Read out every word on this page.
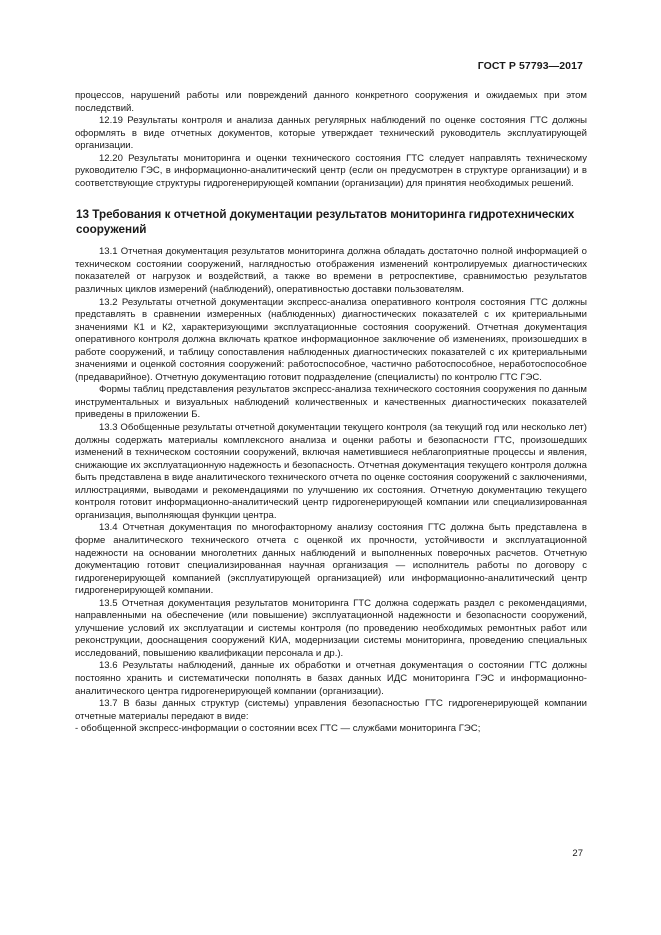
ГОСТ Р 57793—2017

процессов, нарушений работы или повреждений данного конкретного сооружения и ожидаемых при этом последствий.

12.19 Результаты контроля и анализа данных регулярных наблюдений по оценке состояния ГТС должны оформлять в виде отчетных документов, которые утверждает технический руководитель эксплуатирующей организации.

12.20 Результаты мониторинга и оценки технического состояния ГТС следует направлять техническому руководителю ГЭС, в информационно-аналитический центр (если он предусмотрен в структуре организации) и в соответствующие структуры гидрогенерирующей компании (организации) для принятия необходимых решений.

13 Требования к отчетной документации результатов мониторинга гидротехнических сооружений

13.1 Отчетная документация результатов мониторинга должна обладать достаточно полной информацией о техническом состоянии сооружений, наглядностью отображения изменений контролируемых диагностических показателей от нагрузок и воздействий, а также во времени в ретроспективе, сравнимостью результатов различных циклов измерений (наблюдений), оперативностью доставки пользователям.

13.2 Результаты отчетной документации экспресс-анализа оперативного контроля состояния ГТС должны представлять в сравнении измеренных (наблюденных) диагностических показателей с их критериальными значениями К1 и К2, характеризующими эксплуатационные состояния сооружений. Отчетная документация оперативного контроля должна включать краткое информационное заключение об изменениях, произошедших в работе сооружений, и таблицу сопоставления наблюденных диагностических показателей с их критериальными значениями и оценкой состояния сооружений: работоспособное, частично работоспособное, неработоспособное (предаварийное). Отчетную документацию готовит подразделение (специалисты) по контролю ГТС ГЭС.

Формы таблиц представления результатов экспресс-анализа технического состояния сооружения по данным инструментальных и визуальных наблюдений количественных и качественных диагностических показателей приведены в приложении Б.

13.3 Обобщенные результаты отчетной документации текущего контроля (за текущий год или несколько лет) должны содержать материалы комплексного анализа и оценки работы и безопасности ГТС, произошедших изменений в техническом состоянии сооружений, включая наметившиеся неблагоприятные процессы и явления, снижающие их эксплуатационную надежность и безопасность. Отчетная документация текущего контроля должна быть представлена в виде аналитического технического отчета по оценке состояния сооружений с заключениями, иллюстрациями, выводами и рекомендациями по улучшению их состояния. Отчетную документацию текущего контроля готовит информационно-аналитический центр гидрогенерирующей компании или специализированная организация, выполняющая функции центра.

13.4 Отчетная документация по многофакторному анализу состояния ГТС должна быть представлена в форме аналитического технического отчета с оценкой их прочности, устойчивости и эксплуатационной надежности на основании многолетних данных наблюдений и выполненных поверочных расчетов. Отчетную документацию готовит специализированная научная организация — исполнитель работы по договору с гидрогенерирующей компанией (эксплуатирующей организацией) или информационно-аналитический центр гидрогенерирующей компании.

13.5 Отчетная документация результатов мониторинга ГТС должна содержать раздел с рекомендациями, направленными на обеспечение (или повышение) эксплуатационной надежности и безопасности сооружений, улучшение условий их эксплуатации и системы контроля (по проведению необходимых ремонтных работ или реконструкции, дооснащения сооружений КИА, модернизации системы мониторинга, проведению специальных исследований, повышению квалификации персонала и др.).

13.6 Результаты наблюдений, данные их обработки и отчетная документация о состоянии ГТС должны постоянно хранить и систематически пополнять в базах данных ИДС мониторинга ГЭС и информационно-аналитического центра гидрогенерирующей компании (организации).

13.7 В базы данных структур (системы) управления безопасностью ГТС гидрогенерирующей компании отчетные материалы передают в виде:

- обобщенной экспресс-информации о состоянии всех ГТС — службами мониторинга ГЭС;

27
